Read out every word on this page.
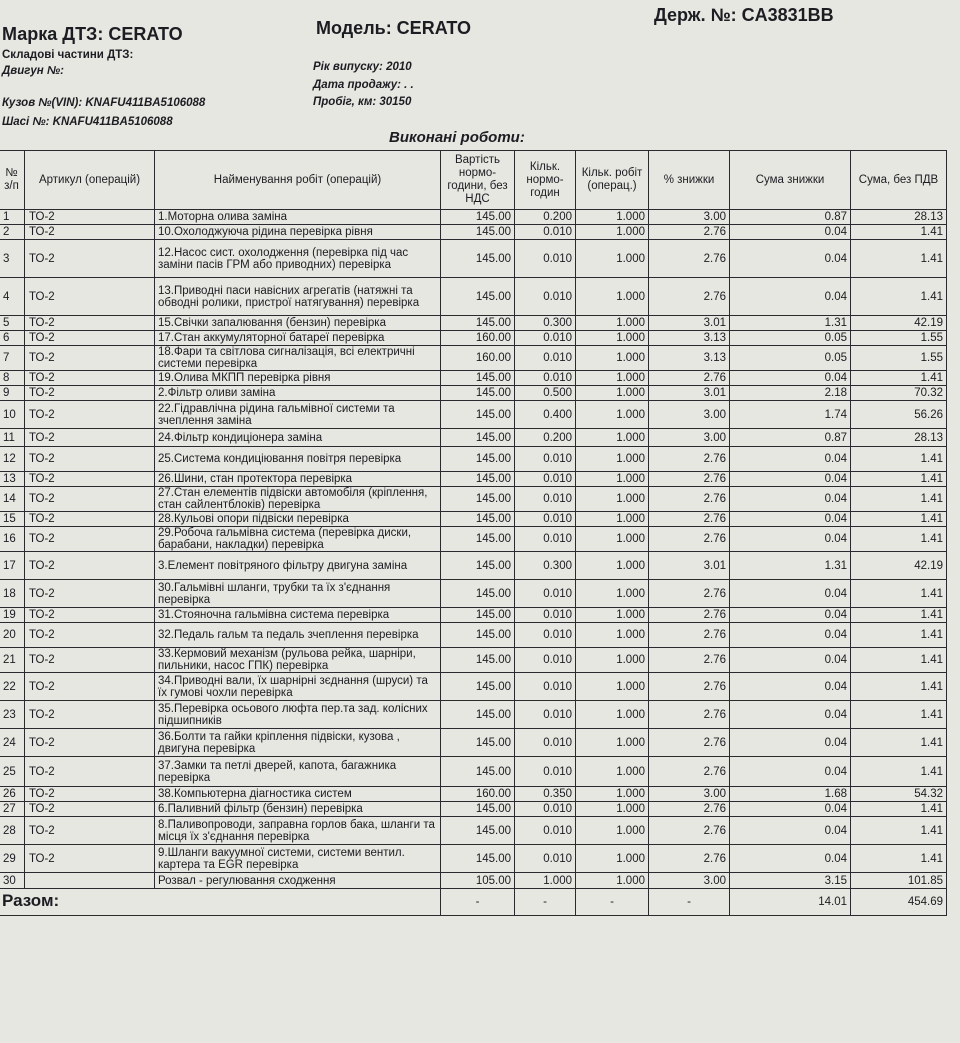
Марка ДТЗ: CERATO	Модель: CERATO
Держ. №: CA3831BB
Складові частини ДТЗ:
Двигун №:	Рік випуску: 2010
Дата продажу: . .
Кузов №(VIN): KNAFU411BA5106088	Пробіг, км: 30150
Шасі №: KNAFU411BA5106088
Виконані роботи:
№ з/п	Артикул (операцій)	Найменування робіт (операцій)	Вартість нормо-години, без НДС	Кільк. нормо-годин	Кільк. робіт (операц.)	% знижки	Сума знижки	Сума, без ПДВ
1	ТО-2	1.Моторна олива заміна	145.00	0.200	1.000	3.00	0.87	28.13
2	ТО-2	10.Охолоджуюча рідина перевірка рівня	145.00	0.010	1.000	2.76	0.04	1.41
3	ТО-2	12.Насос сист. охолодження (перевірка під час заміни пасів ГРМ або приводних) перевірка	145.00	0.010	1.000	2.76	0.04	1.41
4	ТО-2	13.Приводні паси навісних агрегатів (натяжні та обводні ролики, пристрої натягування) перевірка	145.00	0.010	1.000	2.76	0.04	1.41
5	ТО-2	15.Свічки запалювання (бензин) перевірка	145.00	0.300	1.000	3.01	1.31	42.19
6	ТО-2	17.Стан аккумуляторної батареї перевірка	160.00	0.010	1.000	3.13	0.05	1.55
7	ТО-2	18.Фари та світлова сигналізація, всі електричні системи перевірка	160.00	0.010	1.000	3.13	0.05	1.55
8	ТО-2	19.Олива МКПП перевірка рівня	145.00	0.010	1.000	2.76	0.04	1.41
9	ТО-2	2.Фільтр оливи заміна	145.00	0.500	1.000	3.01	2.18	70.32
10	ТО-2	22.Гідравлічна рідина гальмівної системи та зчеплення заміна	145.00	0.400	1.000	3.00	1.74	56.26
11	ТО-2	24.Фільтр кондиціонера заміна	145.00	0.200	1.000	3.00	0.87	28.13
12	ТО-2	25.Система кондиціювання повітря перевірка	145.00	0.010	1.000	2.76	0.04	1.41
13	ТО-2	26.Шини, стан протектора перевірка	145.00	0.010	1.000	2.76	0.04	1.41
14	ТО-2	27.Стан елементів підвіски автомобіля (кріплення, стан сайлентблоків) перевірка	145.00	0.010	1.000	2.76	0.04	1.41
15	ТО-2	28.Кульові опори підвіски перевірка	145.00	0.010	1.000	2.76	0.04	1.41
16	ТО-2	29.Робоча гальмівна система (перевірка диски, барабани, накладки) перевірка	145.00	0.010	1.000	2.76	0.04	1.41
17	ТО-2	3.Елемент повітряного фільтру двигуна заміна	145.00	0.300	1.000	3.01	1.31	42.19
18	ТО-2	30.Гальмівні шланги, трубки та їх з'єднання перевірка	145.00	0.010	1.000	2.76	0.04	1.41
19	ТО-2	31.Стояночна гальмівна система перевірка	145.00	0.010	1.000	2.76	0.04	1.41
20	ТО-2	32.Педаль гальм та педаль зчеплення перевірка	145.00	0.010	1.000	2.76	0.04	1.41
21	ТО-2	33.Кермовий механізм (рульова рейка, шарніри, пильники, насос ГПК) перевірка	145.00	0.010	1.000	2.76	0.04	1.41
22	ТО-2	34.Приводні вали, їх шарнірні зєднання (шруси) та їх гумові чохли перевірка	145.00	0.010	1.000	2.76	0.04	1.41
23	ТО-2	35.Перевірка осьового люфта пер.та зад. колісних підшипників	145.00	0.010	1.000	2.76	0.04	1.41
24	ТО-2	36.Болти та гайки кріплення підвіски, кузова , двигуна перевірка	145.00	0.010	1.000	2.76	0.04	1.41
25	ТО-2	37.Замки та петлі дверей, капота, багажника перевірка	145.00	0.010	1.000	2.76	0.04	1.41
26	ТО-2	38.Компьютерна діагностика систем	160.00	0.350	1.000	3.00	1.68	54.32
27	ТО-2	6.Паливний фільтр (бензин) перевірка	145.00	0.010	1.000	2.76	0.04	1.41
28	ТО-2	8.Паливопроводи, заправна горлов бака, шланги та місця їх з'єднання перевірка	145.00	0.010	1.000	2.76	0.04	1.41
29	ТО-2	9.Шланги вакуумної системи, системи вентил. картера та EGR перевірка	145.00	0.010	1.000	2.76	0.04	1.41
30		Розвал - регулювання сходження	105.00	1.000	1.000	3.00	3.15	101.85
Разом:			-	-	-	-	14.01	454.69
